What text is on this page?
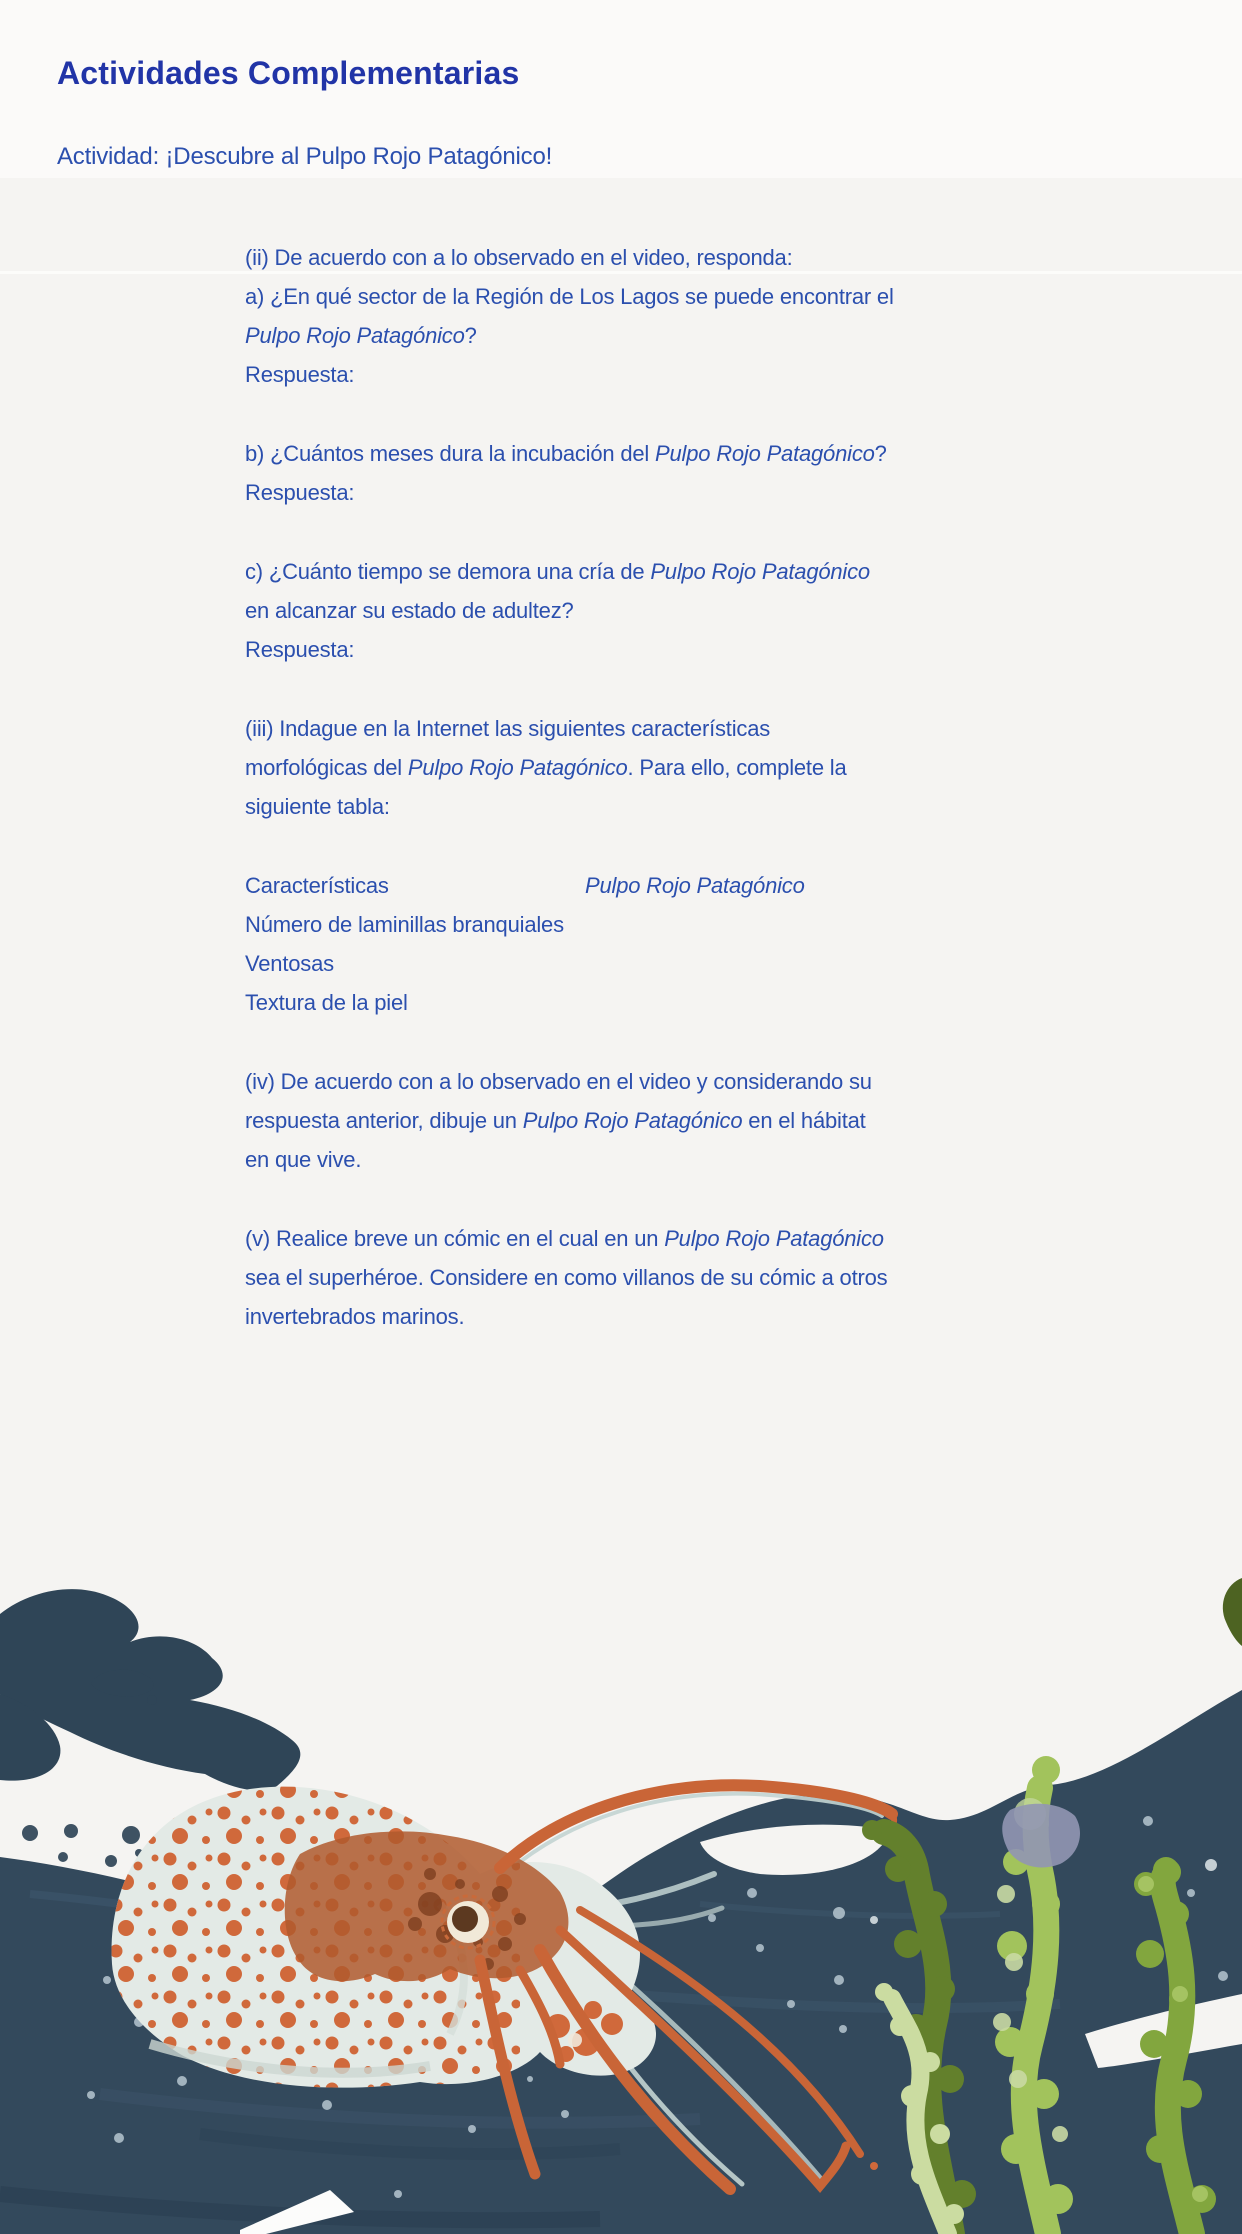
Actividades Complementarias
Actividad: ¡Descubre al Pulpo Rojo Patagónico!
(ii) De acuerdo con a lo observado en el video, responda:
a) ¿En qué sector de la Región de Los Lagos se puede encontrar el
Pulpo Rojo Patagónico?
Respuesta:
b) ¿Cuántos meses dura la incubación del Pulpo Rojo Patagónico?
Respuesta:
c) ¿Cuánto tiempo se demora una cría de Pulpo Rojo Patagónico
en alcanzar su estado de adultez?
Respuesta:
(iii) Indague en la Internet las siguientes características
morfológicas del Pulpo Rojo Patagónico. Para ello, complete la
siguiente tabla:
Características	Pulpo Rojo Patagónico
Número de laminillas branquiales
Ventosas
Textura de la piel
(iv) De acuerdo con a lo observado en el video y considerando su
respuesta anterior, dibuje un Pulpo Rojo Patagónico en el hábitat
en que vive.
(v) Realice breve un cómic en el cual en un Pulpo Rojo Patagónico
sea el superhéroe. Considere en como villanos de su cómic a otros
invertebrados marinos.
